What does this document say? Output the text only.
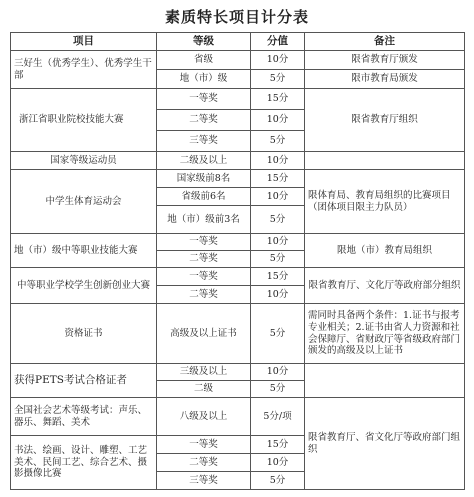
素质特长项目计分表
项目	等级	分值	备注
三好生（优秀学生）、优秀学生干部	省级	10分	限省教育厅颁发
	地（市）级	5分	限市教育局颁发
浙江省职业院校技能大赛	一等奖	15分	限省教育厅组织
	二等奖	10分	
	三等奖	5分	
国家等级运动员	二级及以上	10分	
中学生体育运动会	国家级前8名	15分	限体育局、教育局组织的比赛项目（团体项目限主力队员）
	省级前6名	10分	
	地（市）级前3名	5分	
地（市）级中等职业技能大赛	一等奖	10分	限地（市）教育局组织
	二等奖	5分	
中等职业学校学生创新创业大赛	一等奖	15分	限省教育厅、文化厅等政府部分组织
	二等奖	10分	
资格证书	高级及以上证书	5分	需同时具备两个条件：1.证书与报考专业相关；2.证书由省人力资源和社会保障厅、省财政厅等省级政府部门颁发的高级及以上证书
获得PETS考试合格证者	三级及以上	10分	
	二级	5分	
全国社会艺术等级考试：声乐、器乐、舞蹈、美术	八级及以上	5分/项	限省教育厅、省文化厅等政府部门组织
书法、绘画、设计、雕塑、工艺美术、民间工艺、综合艺术、摄影摄像比赛	一等奖	15分	
	二等奖	10分	
	三等奖	5分	
